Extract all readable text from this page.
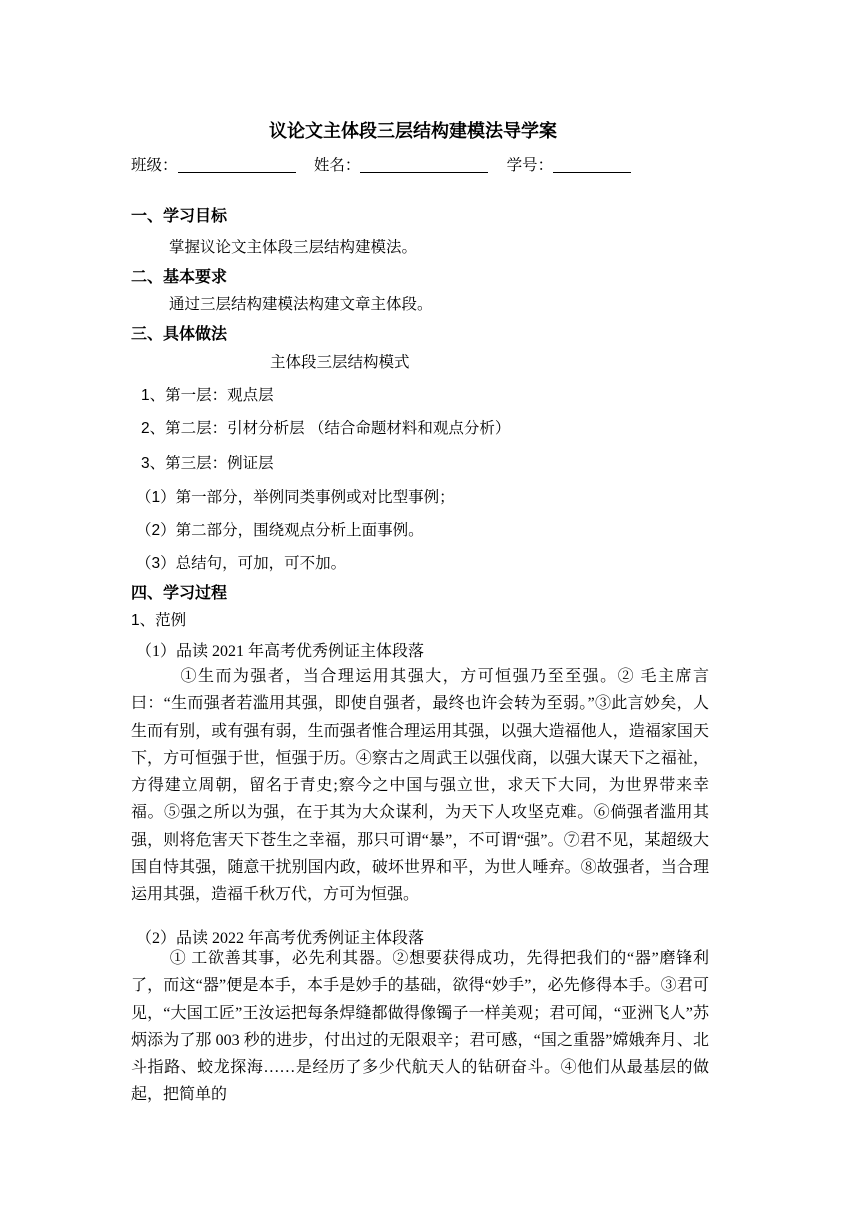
议论文主体段三层结构建模法导学案
班级：	姓名：	学号：
一、学习目标
掌握议论文主体段三层结构建模法。
二、基本要求
通过三层结构建模法构建文章主体段。
三、具体做法
主体段三层结构模式
1、第一层：观点层
2、第二层：引材分析层 （结合命题材料和观点分析）
3、第三层：例证层
（1）第一部分，举例同类事例或对比型事例；
（2）第二部分，围绕观点分析上面事例。
（3）总结句，可加，可不加。
四、学习过程
1、范例
（1）品读 2021 年高考优秀例证主体段落
①生而为强者，当合理运用其强大，方可恒强乃至至强。② 毛主席言曰：“生而强者若滥用其强，即使自强者，最终也许会转为至弱。”③此言妙矣，人生而有别，或有强有弱，生而强者惟合理运用其强，以强大造福他人，造福家国天下，方可恒强于世，恒强于历。④察古之周武王以强伐商，以强大谋天下之福祉，方得建立周朝，留名于青史;察今之中国与强立世，求天下大同，为世界带来幸福。⑤强之所以为强，在于其为大众谋利，为天下人攻坚克难。⑥倘强者滥用其强，则将危害天下苍生之幸福，那只可谓“暴”，不可谓“强”。⑦君不见，某超级大国自恃其强，随意干扰别国内政，破坏世界和平，为世人唾弃。⑧故强者，当合理运用其强，造福千秋万代，方可为恒强。
（2）品读 2022 年高考优秀例证主体段落
① 工欲善其事，必先利其器。②想要获得成功，先得把我们的“器”磨锋利了，而这“器”便是本手，本手是妙手的基础，欲得“妙手”，必先修得本手。③君可见，“大国工匠”王汝运把每条焊缝都做得像镯子一样美观；君可闻，“亚洲飞人”苏炳添为了那 003 秒的进步，付出过的无限艰辛；君可感，“国之重器”嫦娥奔月、北斗指路、蛟龙探海……是经历了多少代航天人的钻研奋斗。④他们从最基层的做起，把简单的
